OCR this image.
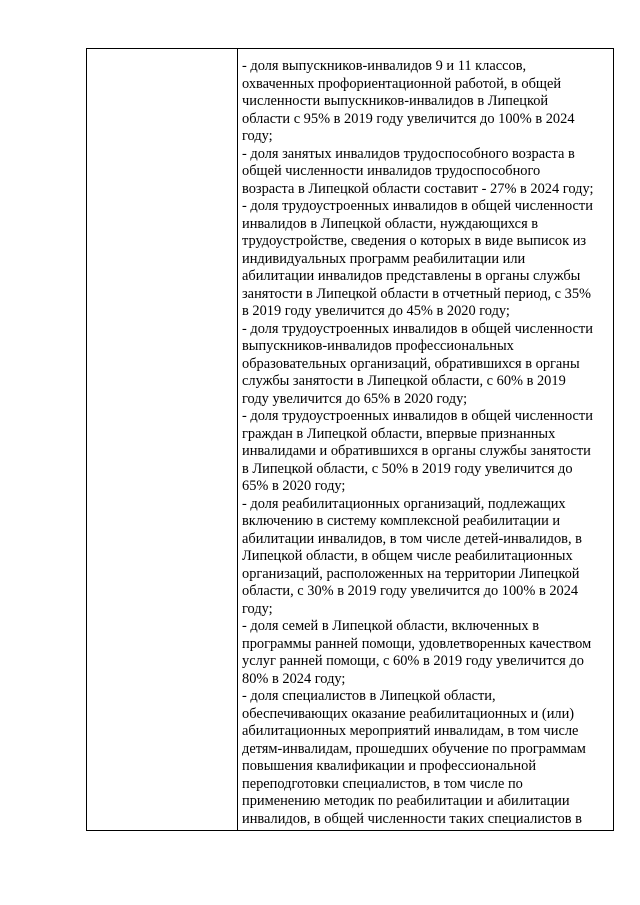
- доля выпускников-инвалидов 9 и 11 классов,
охваченных профориентационной работой, в общей
численности выпускников-инвалидов в Липецкой
области с 95% в 2019 году увеличится до 100% в 2024
году;
- доля занятых инвалидов трудоспособного возраста в
общей численности инвалидов трудоспособного
возраста в Липецкой области составит - 27% в 2024 году;
- доля трудоустроенных инвалидов в общей численности
инвалидов в Липецкой области, нуждающихся в
трудоустройстве, сведения о которых в виде выписок из
индивидуальных программ реабилитации или
абилитации инвалидов представлены в органы службы
занятости в Липецкой области в отчетный период, с 35%
в 2019 году увеличится до 45% в 2020 году;
- доля трудоустроенных инвалидов в общей численности
выпускников-инвалидов профессиональных
образовательных организаций, обратившихся в органы
службы занятости в Липецкой области, с 60% в 2019
году увеличится до 65% в 2020 году;
- доля трудоустроенных инвалидов в общей численности
граждан в Липецкой области, впервые признанных
инвалидами и обратившихся в органы службы занятости
в Липецкой области, с 50% в 2019 году увеличится до
65% в 2020 году;
- доля реабилитационных организаций, подлежащих
включению в систему комплексной реабилитации и
абилитации инвалидов, в том числе детей-инвалидов, в
Липецкой области, в общем числе реабилитационных
организаций, расположенных на территории Липецкой
области, с 30% в 2019 году увеличится до 100% в 2024
году;
- доля семей в Липецкой области, включенных в
программы ранней помощи, удовлетворенных качеством
услуг ранней помощи, с 60% в 2019 году увеличится до
80% в 2024 году;
- доля специалистов в Липецкой области,
обеспечивающих оказание реабилитационных и (или)
абилитационных мероприятий инвалидам, в том числе
детям-инвалидам, прошедших обучение по программам
повышения квалификации и профессиональной
переподготовки специалистов, в том числе по
применению методик по реабилитации и абилитации
инвалидов, в общей численности таких специалистов в
